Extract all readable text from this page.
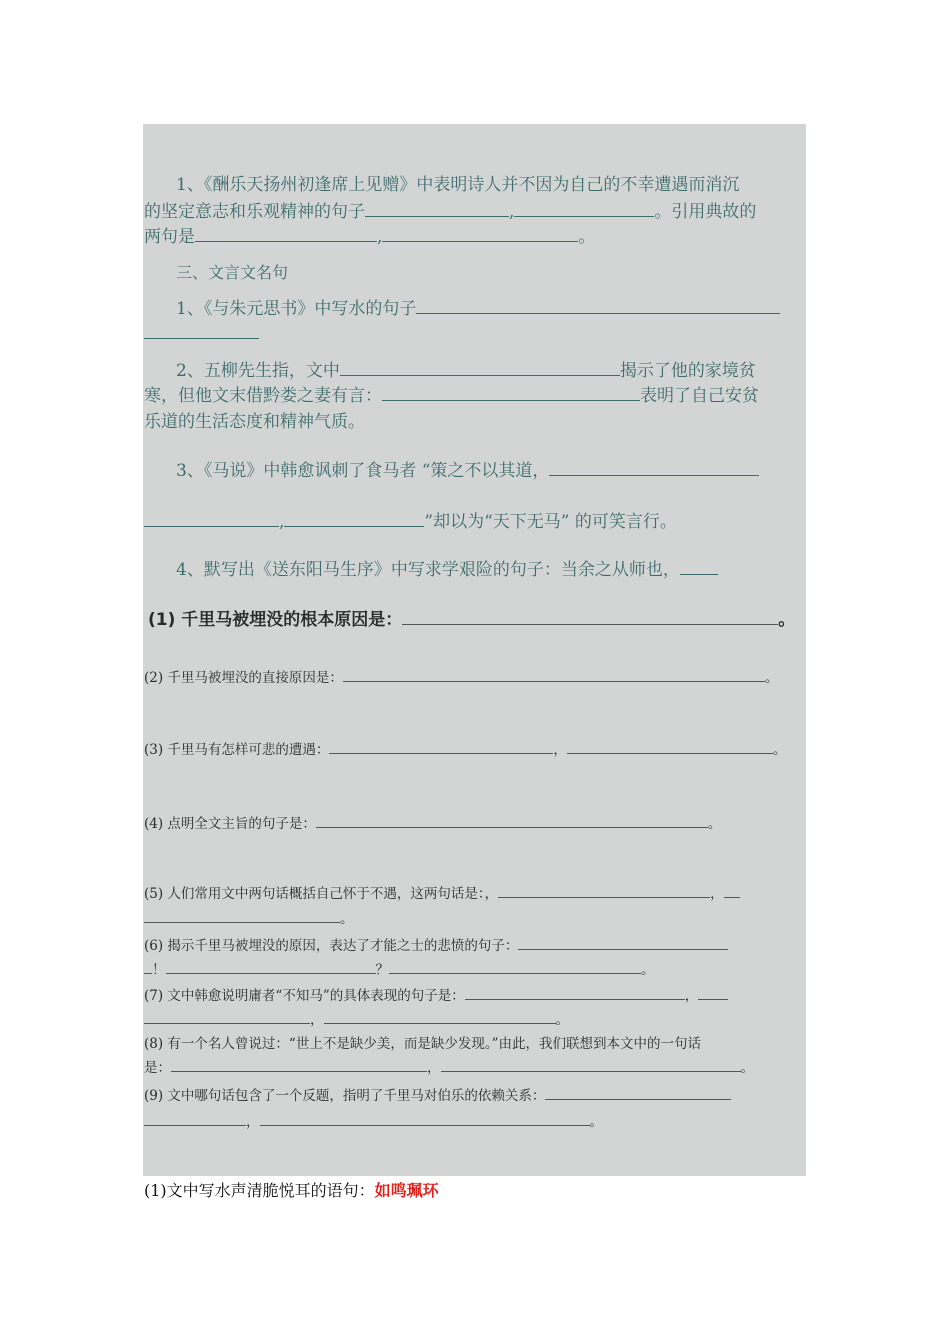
1、《酬乐天扬州初逢席上见赠》中表明诗人并不因为自己的不幸遭遇而消沉
的坚定意志和乐观精神的句子	,	。引用典故的
两句是	,	。
三、文言文名句
1、《与朱元思书》中写水的句子
2、五柳先生指，文中	揭示了他的家境贫
寒，但他文末借黔娄之妻有言：	表明了自己安贫
乐道的生活态度和精神气质。
3、《马说》中韩愈讽刺了食马者 “策之不以其道，
,	”却以为“天下无马” 的可笑言行。
4、默写出《送东阳马生序》中写求学艰险的句子：当余之从师也，
(1) 千里马被埋没的根本原因是：	。
(2) 千里马被埋没的直接原因是：	。
(3) 千里马有怎样可悲的遭遇：	，	。
(4) 点明全文主旨的句子是：	。
(5) 人们常用文中两句话概括自己怀于不遇，这两句话是：，	，
。
(6) 揭示千里马被埋没的原因，表达了才能之士的悲愤的句子：
！	？	。
(7) 文中韩愈说明庸者“不知马”的具体表现的句子是：	，
，	。
(8) 有一个名人曾说过：“世上不是缺少美，而是缺少发现。”由此，我们联想到本文中的一句话
是：	，	。
(9) 文中哪句话包含了一个反题，指明了千里马对伯乐的依赖关系：
，	。
(1)文中写水声清脆悦耳的语句：如鸣珮环
